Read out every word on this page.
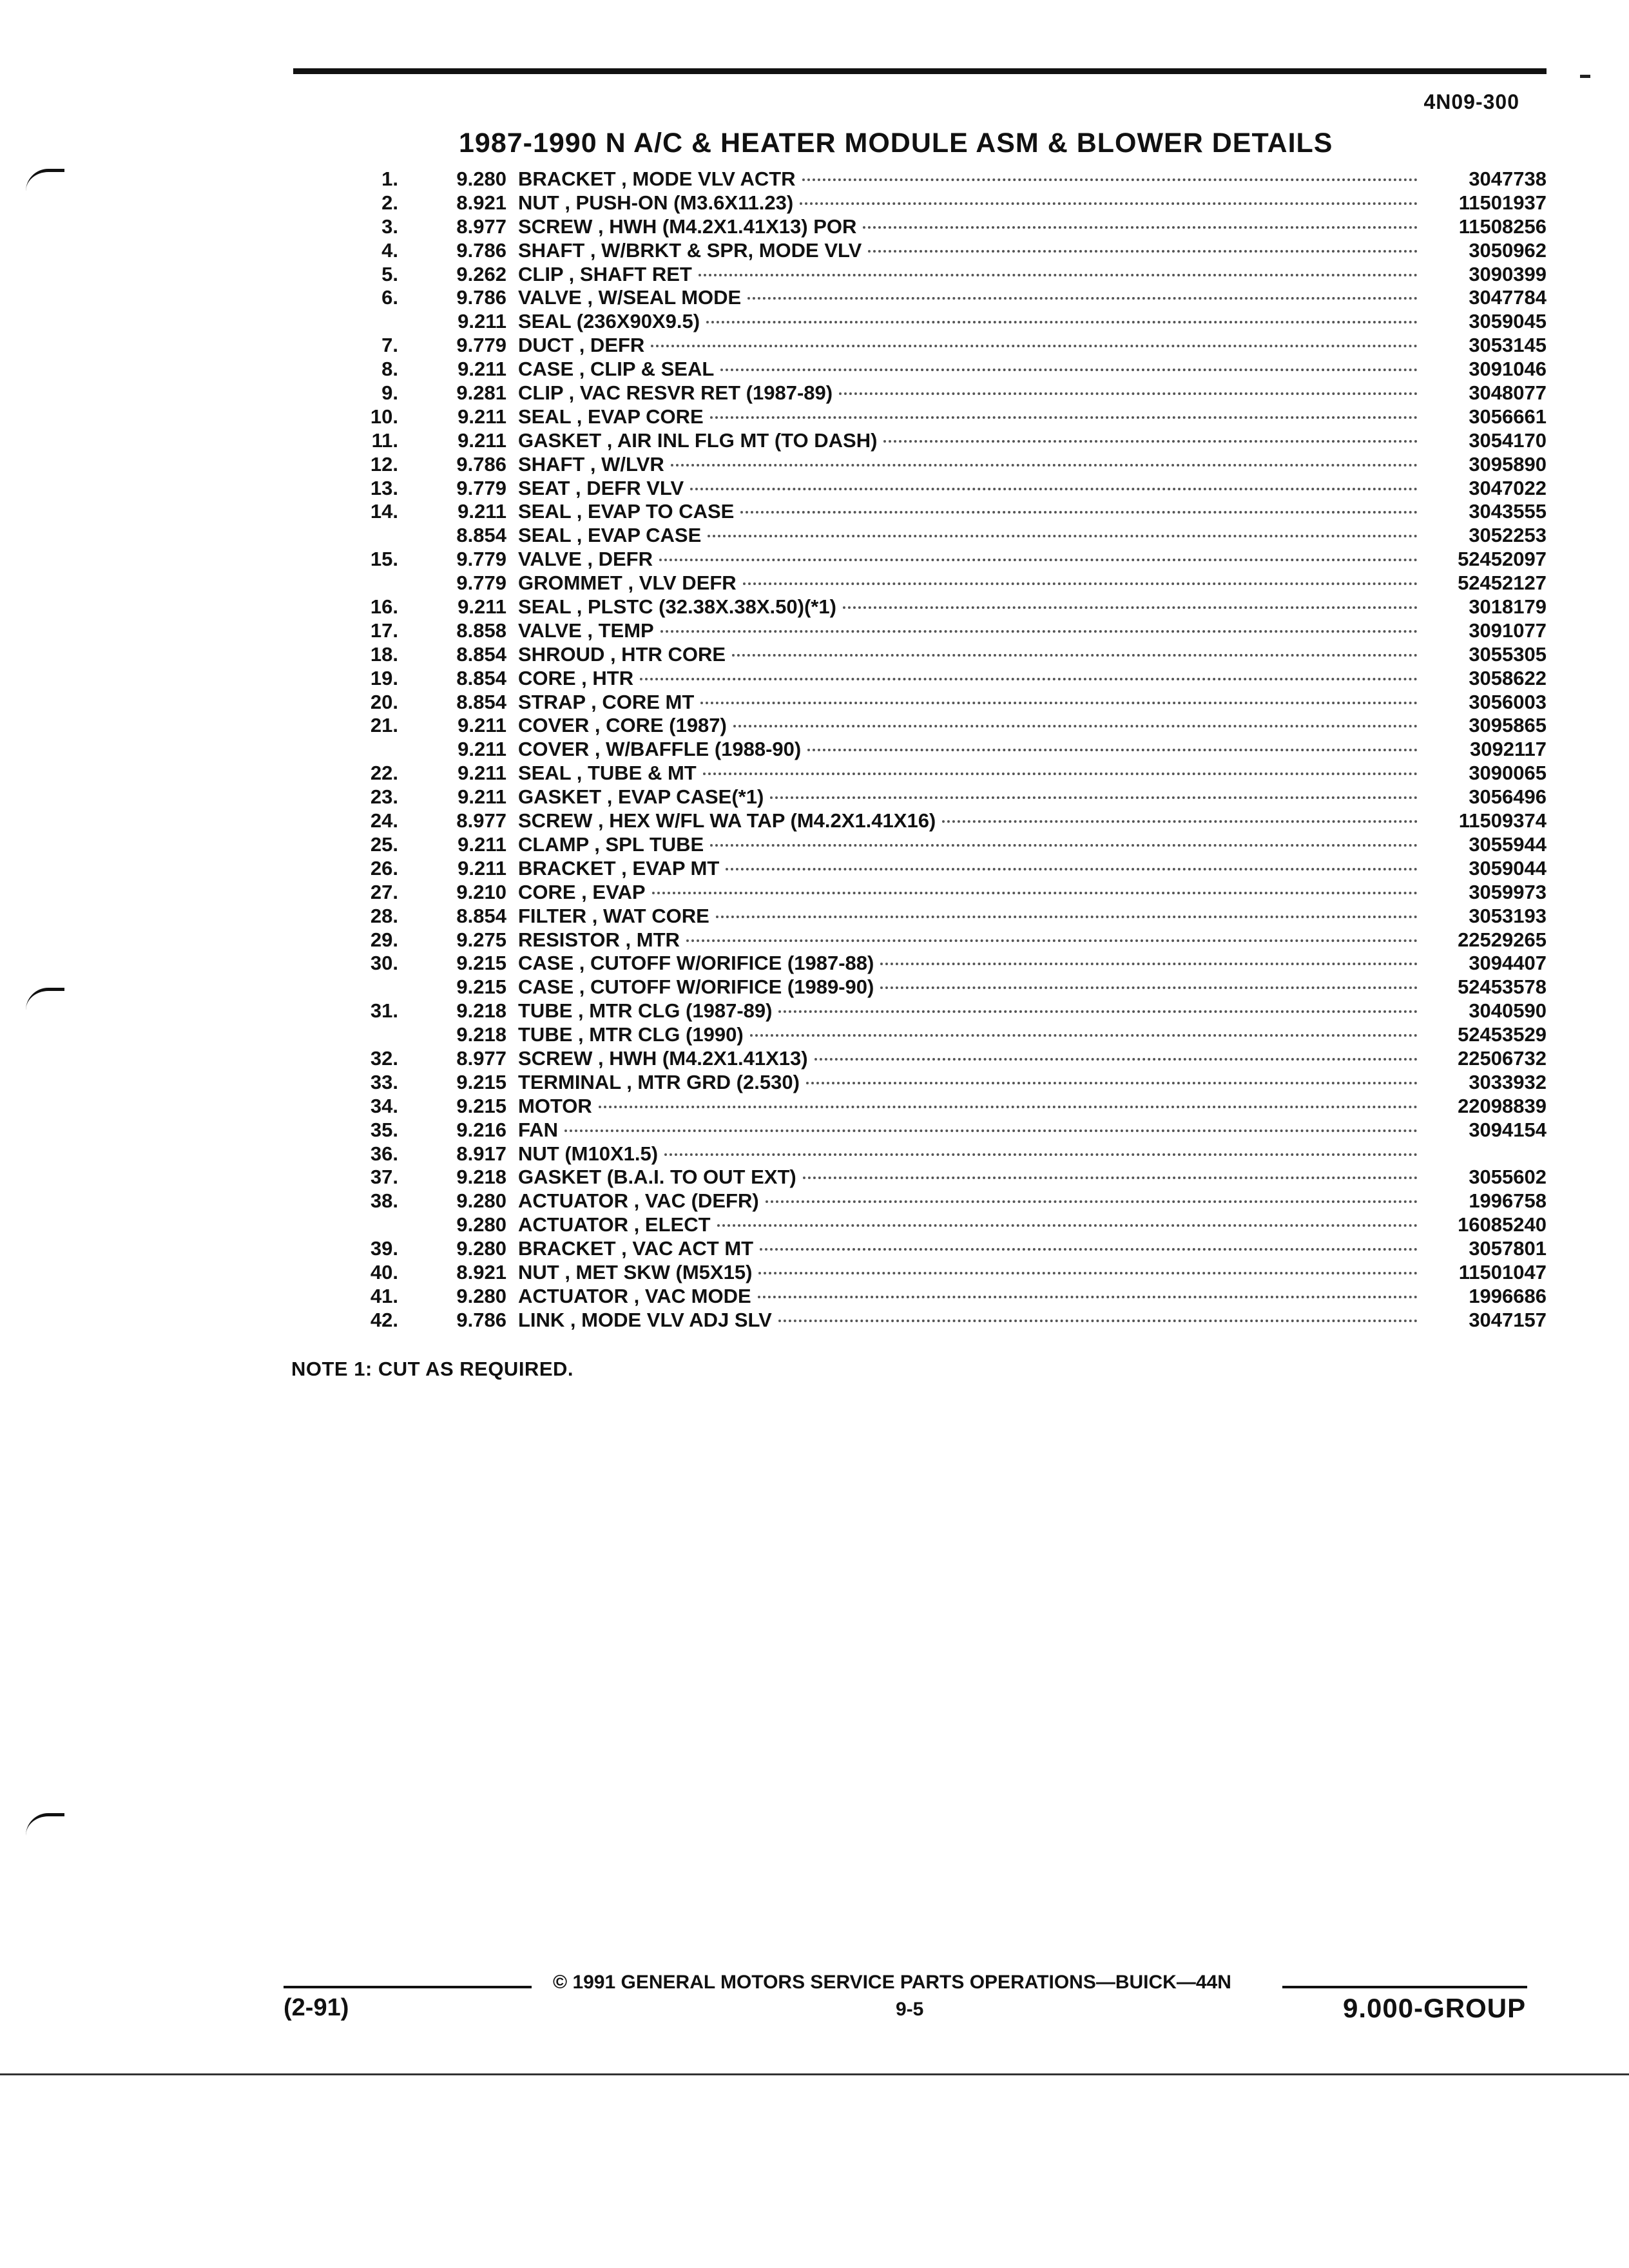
4N09-300
1987-1990 N A/C & HEATER MODULE ASM & BLOWER DETAILS
1.	9.280 BRACKET , MODE VLV ACTR	3047738
2.	8.921 NUT , PUSH-ON (M3.6X11.23)	11501937
3.	8.977 SCREW , HWH (M4.2X1.41X13) POR	11508256
4.	9.786 SHAFT , W/BRKT & SPR, MODE VLV	3050962
5.	9.262 CLIP , SHAFT RET	3090399
6.	9.786 VALVE , W/SEAL MODE	3047784
9.211 SEAL (236X90X9.5)	3059045
7.	9.779 DUCT , DEFR	3053145
8.	9.211 CASE , CLIP & SEAL	3091046
9.	9.281 CLIP , VAC RESVR RET (1987-89)	3048077
10.	9.211 SEAL , EVAP CORE	3056661
11.	9.211 GASKET , AIR INL FLG MT (TO DASH)	3054170
12.	9.786 SHAFT , W/LVR	3095890
13.	9.779 SEAT , DEFR VLV	3047022
14.	9.211 SEAL , EVAP TO CASE	3043555
8.854 SEAL , EVAP CASE	3052253
15.	9.779 VALVE , DEFR	52452097
9.779 GROMMET , VLV DEFR	52452127
16.	9.211 SEAL , PLSTC (32.38X.38X.50)(*1)	3018179
17.	8.858 VALVE , TEMP	3091077
18.	8.854 SHROUD , HTR CORE	3055305
19.	8.854 CORE , HTR	3058622
20.	8.854 STRAP , CORE MT	3056003
21.	9.211 COVER , CORE (1987)	3095865
9.211 COVER , W/BAFFLE (1988-90)	3092117
22.	9.211 SEAL , TUBE & MT	3090065
23.	9.211 GASKET , EVAP CASE(*1)	3056496
24.	8.977 SCREW , HEX W/FL WA TAP (M4.2X1.41X16)	11509374
25.	9.211 CLAMP , SPL TUBE	3055944
26.	9.211 BRACKET , EVAP MT	3059044
27.	9.210 CORE , EVAP	3059973
28.	8.854 FILTER , WAT CORE	3053193
29.	9.275 RESISTOR , MTR	22529265
30.	9.215 CASE , CUTOFF W/ORIFICE (1987-88)	3094407
9.215 CASE , CUTOFF W/ORIFICE (1989-90)	52453578
31.	9.218 TUBE , MTR CLG (1987-89)	3040590
9.218 TUBE , MTR CLG (1990)	52453529
32.	8.977 SCREW , HWH (M4.2X1.41X13)	22506732
33.	9.215 TERMINAL , MTR GRD (2.530)	3033932
34.	9.215 MOTOR	22098839
35.	9.216 FAN	3094154
36.	8.917 NUT (M10X1.5)
37.	9.218 GASKET (B.A.I. TO OUT EXT)	3055602
38.	9.280 ACTUATOR , VAC (DEFR)	1996758
9.280 ACTUATOR , ELECT	16085240
39.	9.280 BRACKET , VAC ACT MT	3057801
40.	8.921 NUT , MET SKW (M5X15)	11501047
41.	9.280 ACTUATOR , VAC MODE	1996686
42.	9.786 LINK , MODE VLV ADJ SLV	3047157
NOTE 1: CUT AS REQUIRED.
© 1991 GENERAL MOTORS SERVICE PARTS OPERATIONS—BUICK—44N
9-5
(2-91)	9.000-GROUP
